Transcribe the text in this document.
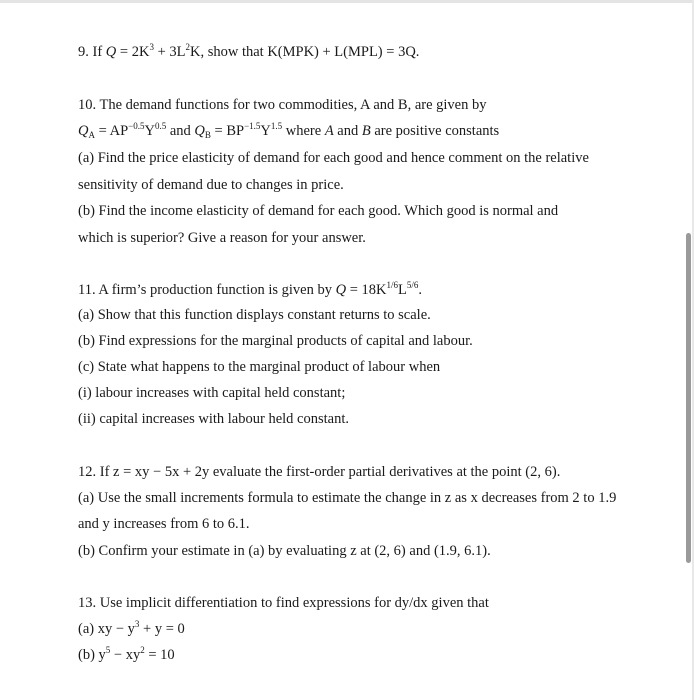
9. If $Q = 2K^3 + 3L^2K$, show that K(MPK) + L(MPL) = 3Q.
10. The demand functions for two commodities, A and B, are given by
$Q_A = AP^{-0.5}Y^{0.5}$ and $Q_B = BP^{-1.5}Y^{1.5}$ where A and B are positive constants
(a) Find the price elasticity of demand for each good and hence comment on the relative
sensitivity of demand due to changes in price.
(b) Find the income elasticity of demand for each good. Which good is normal and
which is superior? Give a reason for your answer.
11. A firm’s production function is given by $Q = 18K^{1/6}L^{5/6}$.
(a) Show that this function displays constant returns to scale.
(b) Find expressions for the marginal products of capital and labour.
(c) State what happens to the marginal product of labour when
(i) labour increases with capital held constant;
(ii) capital increases with labour held constant.
12. If z = xy − 5x + 2y evaluate the first-order partial derivatives at the point (2, 6).
(a) Use the small increments formula to estimate the change in z as x decreases from 2 to 1.9
and y increases from 6 to 6.1.
(b) Confirm your estimate in (a) by evaluating z at (2, 6) and (1.9, 6.1).
13. Use implicit differentiation to find expressions for dy/dx given that
(a) xy − $y^3 + y = 0$
(b) $y^5 - xy^2 = 10$
